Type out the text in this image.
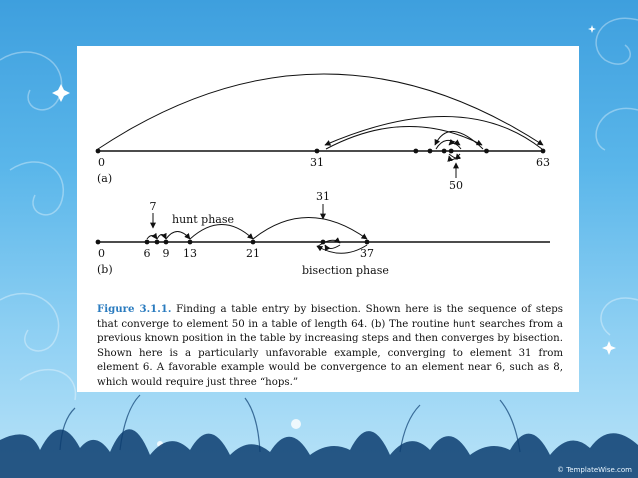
0	31	63
50
(a)
0	6 9 13	21	37
7
31
hunt phase
bisection phase
(b)
Figure 3.1.1. Finding a table entry by bisection. Shown here is the sequence of steps that converge to element 50 in a table of length 64. (b) The routine hunt searches from a previous known position in the table by increasing steps and then converges by bisection. Shown here is a particularly unfavorable example, converging to element 31 from element 6. A favorable example would be convergence to an element near 6, such as 8, which would require just three “hops.”
© TemplateWise.com
